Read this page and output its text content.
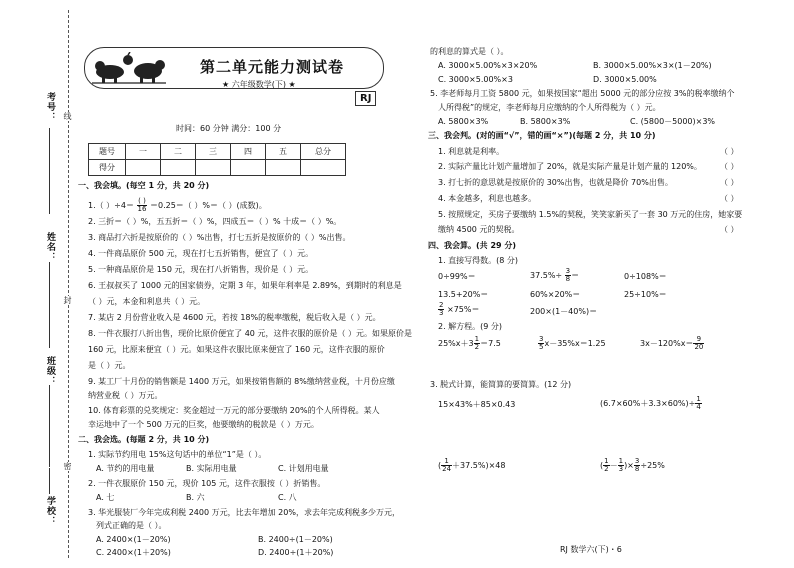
考号： 线
姓名：
封
班级：
密
学校：
第二单元能力测试卷
★ 六年级数学(下) ★
RJ
时间：60 分钟 满分：100 分
题号	一	二	三	四	五	总分
得分						
一、我会填。(每空 1 分，共 20 分)
1.（ ）$\div 4= \frac{( )}{16} =0.25=$（ ）%＝（ ）(成数)。
2. 三折＝（ ）%，五五折＝（ ）%，四成五＝（ ）% 十成＝（ ）%。
3. 商品打六折是按原价的（ ）%出售，打七五折是按原价的（ ）%出售。
4. 一件商品原价 500 元，现在打七五折销售，便宜了（ ）元。
5. 一种商品原价是 150 元，现在打八折销售，现价是（ ）元。
6. 王叔叔买了 1000 元的国家债券，定期 3 年，如果年利率是 2.89%，到期时的利息是
（ ）元，本金和利息共（ ）元。
7. 某店 2 月份营业收入是 4600 元，若按 18%的税率缴税，税后收入是（ ）元。
8. 一件衣服打八折出售，现价比原价便宜了 40 元，这件衣服的原价是（ ）元。如果原价是
160 元，比原来便宜（ ）元。如果这件衣服比原来便宜了 160 元，这件衣服的原价
是（ ）元。
9. 某工厂十月份的销售额是 1400 万元，如果按销售额的 8%缴纳营业税，十月份应缴
纳营业税（ ）万元。
10. 体育彩票的兑奖规定：奖金超过一万元的部分要缴纳 20%的个人所得税。某人
幸运地中了一个 500 万元的巨奖，他要缴纳的税款是（ ）万元。
二、我会选。(每题 2 分，共 10 分)
1. 实际节约用电 15%这句话中的单位“1”是（ ）。
A. 节约的用电量	B. 实际用电量	C. 计划用电量
2. 一件衣服原价 150 元，现价 105 元，这件衣服按（ ）折销售。
A. 七	B. 六	C. 八
3. 华光服装厂今年完成利税 2400 万元，比去年增加 20%，求去年完成利税多少万元，
列式正确的是（ ）。
A. 2400×(1－20%)	B. 2400÷(1－20%)
C. 2400×(1＋20%)	D. 2400÷(1＋20%)
的利息的算式是（ ）。
A. 3000×5.00%×3×20%	B. 3000×5.00%×3×(1－20%)
C. 3000×5.00%×3	D. 3000×5.00%
5. 李老师每月工资 5800 元，如果按国家“超出 5000 元的部分应按 3%的税率缴纳个
人所得税”的规定，李老师每月应缴纳的个人所得税为（ ）元。
A. 5800×3%	B. 5800×3%	C. (5800－5000)×3%
三、我会判。(对的画“√”，错的画“×”)(每题 2 分，共 10 分)
1. 利息就是利率。	（ ）
2. 实际产量比计划产量增加了 20%，就是实际产量是计划产量的 120%。 （ ）
3. 打七折的意思就是按原价的 30%出售，也就是降价 70%出售。	（ ）
4. 本金越多，利息也越多。	（ ）
5. 按照规定，买房子要缴纳 1.5%的契税，笑笑家新买了一套 30 万元的住房，她家要
缴纳 4500 元的契税。	（ ）
四、我会算。(共 29 分)
1. 直接写得数。(8 分)
0÷99%＝	$37.5\%\div \frac{3}{8}$ ＝	0÷108%＝
13.5+20%＝	60%×20%＝	25÷10%＝
$\frac{2}{3} \times 75\%=$	200×(1－40%)＝
2. 解方程。(9 分)
$25\%x+3 \frac{1}{2} =7.5$	$\frac{3}{5} x-35\%x=1.25$	$3x-120\%x= \frac{9}{20}$
3. 脱式计算，能简算的要简算。(12 分)
15×43%＋85×0.43	$(6.7\times 60\%+3.3\times 60\%)\div \frac{1}{4}$
( $\frac{1}{24} +37.5\%)\times 48$	( $\frac{1}{2} - \frac{1}{3}$ )× $\frac{3}{8} \div 25\%$
RJ 数学六(下)・6
